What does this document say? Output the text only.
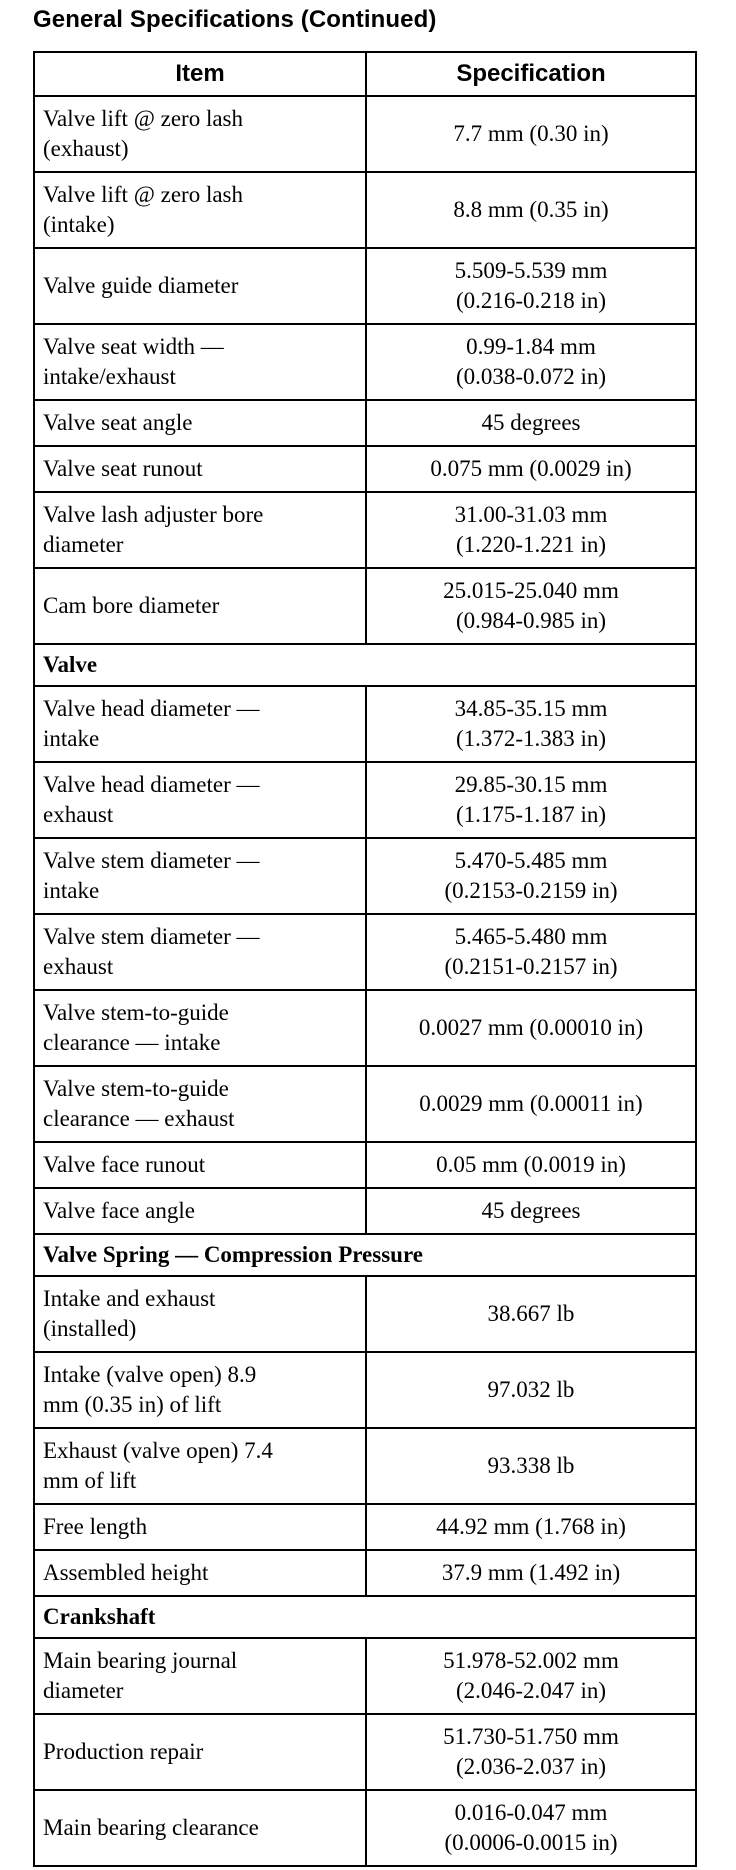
General Specifications (Continued)
Item	Specification

Valve lift @ zero lash
(exhaust)	7.7 mm (0.30 in)

Valve lift @ zero lash
(intake)	8.8 mm (0.35 in)

Valve guide diameter	5.509-5.539 mm
(0.216-0.218 in)

Valve seat width —
intake/exhaust	0.99-1.84 mm
(0.038-0.072 in)

Valve seat angle	45 degrees

Valve seat runout	0.075 mm (0.0029 in)

Valve lash adjuster bore
diameter	31.00-31.03 mm
(1.220-1.221 in)

Cam bore diameter	25.015-25.040 mm
(0.984-0.985 in)

Valve	

Valve head diameter —
intake	34.85-35.15 mm
(1.372-1.383 in)

Valve head diameter —
exhaust	29.85-30.15 mm
(1.175-1.187 in)

Valve stem diameter —
intake	5.470-5.485 mm
(0.2153-0.2159 in)

Valve stem diameter —
exhaust	5.465-5.480 mm
(0.2151-0.2157 in)

Valve stem-to-guide
clearance — intake	0.0027 mm (0.00010 in)

Valve stem-to-guide
clearance — exhaust	0.0029 mm (0.00011 in)

Valve face runout	0.05 mm (0.0019 in)

Valve face angle	45 degrees

Valve Spring — Compression Pressure	

Intake and exhaust
(installed)	38.667 lb

Intake (valve open) 8.9
mm (0.35 in) of lift	97.032 lb

Exhaust (valve open) 7.4
mm of lift	93.338 lb

Free length	44.92 mm (1.768 in)

Assembled height	37.9 mm (1.492 in)

Crankshaft	

Main bearing journal
diameter	51.978-52.002 mm
(2.046-2.047 in)

Production repair	51.730-51.750 mm
(2.036-2.037 in)

Main bearing clearance	0.016-0.047 mm
(0.0006-0.0015 in)
